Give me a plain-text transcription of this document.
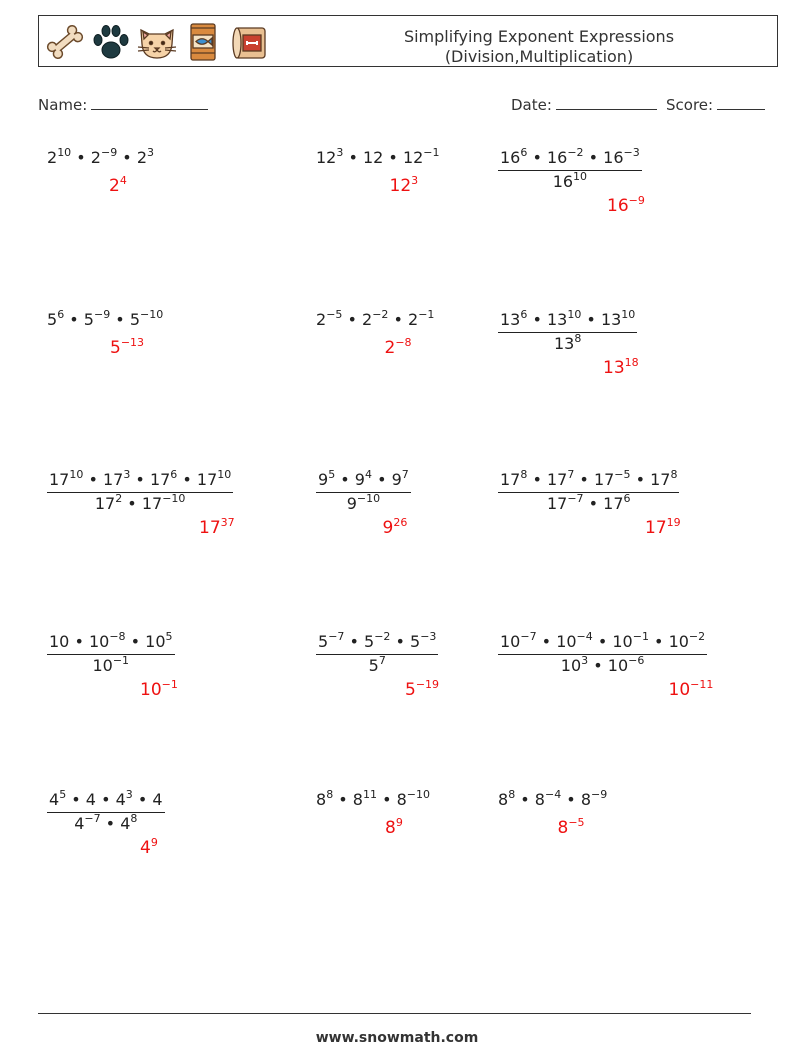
Simplifying Exponent Expressions
(Division,Multiplication)
Name:	Date:	Score:
$2^{10}$ • $2^{-9}$ • $2^3$
$2^4$
$12^3$ • 12 • $12^{-1}$
$12^3$
$16^6$ • $16^{-2}$ • $16^{-3}$
$16^{10}$
$16^{-9}$
$5^6$ • $5^{-9}$ • $5^{-10}$
$5^{-13}$
$2^{-5}$ • $2^{-2}$ • $2^{-1}$
$2^{-8}$
$13^6$ • $13^{10}$ • $13^{10}$
$13^8$
$13^{18}$
$17^{10}$ • $17^3$ • $17^6$ • $17^{10}$
$17^2$ • $17^{-10}$
$17^{37}$
$9^5$ • $9^4$ • $9^7$
$9^{-10}$
$9^{26}$
$17^8$ • $17^7$ • $17^{-5}$ • $17^8$
$17^{-7}$ • $17^6$
$17^{19}$
10 • $10^{-8}$ • $10^5$
$10^{-1}$
$10^{-1}$
$5^{-7}$ • $5^{-2}$ • $5^{-3}$
$5^7$
$5^{-19}$
$10^{-7}$ • $10^{-4}$ • $10^{-1}$ • $10^{-2}$
$10^3$ • $10^{-6}$
$10^{-11}$
$4^5$ • 4 • $4^3$ • 4
$4^{-7}$ • $4^8$
$4^9$
$8^8$ • $8^{11}$ • $8^{-10}$
$8^9$
$8^8$ • $8^{-4}$ • $8^{-9}$
$8^{-5}$
www.snowmath.com
